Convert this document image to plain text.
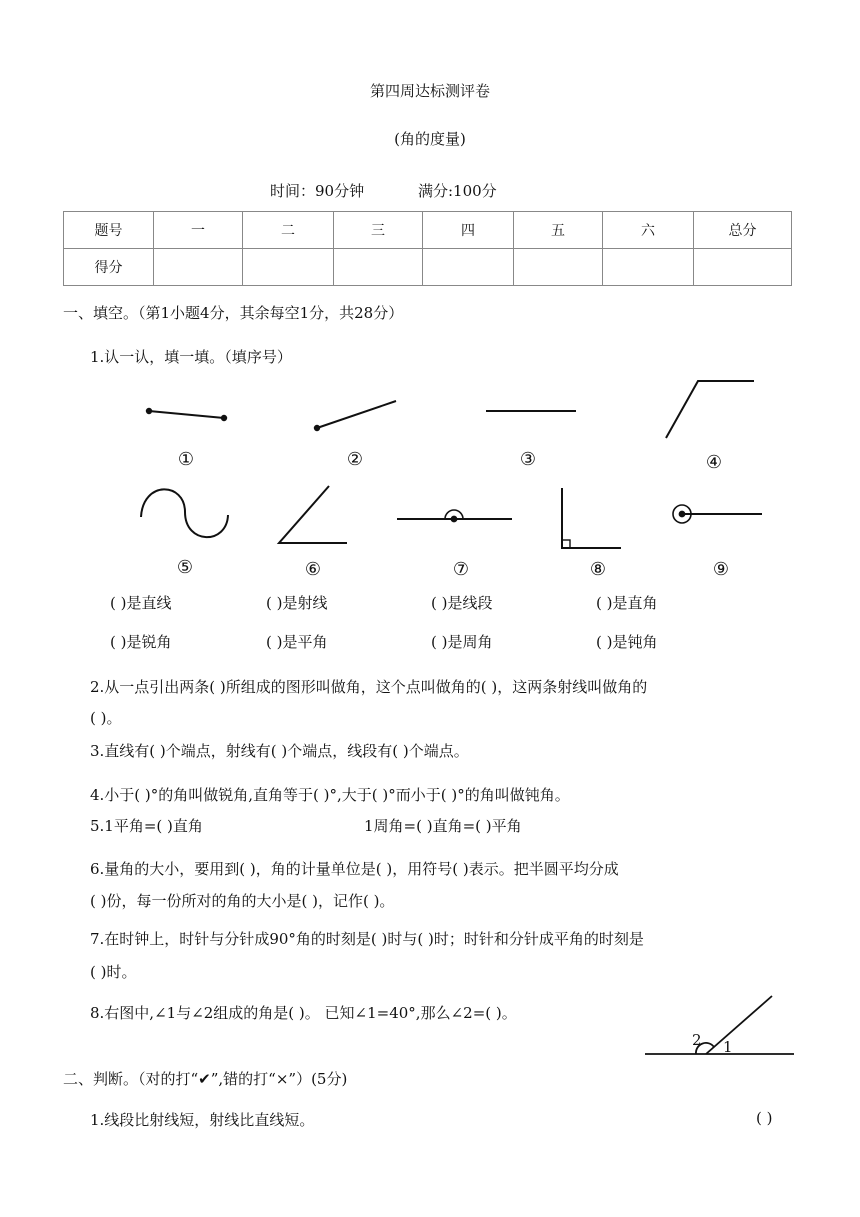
第四周达标测评卷
(角的度量)
时间：90分钟	满分:100分
题号	一	二	三	四	五	六	总分
得分							
一、填空。（第1小题4分，其余每空1分，共28分）
1.认一认，填一填。（填序号）
①	②	③	④
⑤	⑥	⑦	⑧	⑨
( )是直线	( )是射线	( )是线段	( )是直角
( )是锐角	( )是平角	( )是周角	( )是钝角
2.从一点引出两条( )所组成的图形叫做角，这个点叫做角的( )，这两条射线叫做角的
( )。
3.直线有( )个端点，射线有( )个端点，线段有( )个端点。
4.小于( )°的角叫做锐角,直角等于( )°,大于( )°而小于( )°的角叫做钝角。
5.1平角=( )直角	1周角=( )直角=( )平角
6.量角的大小，要用到( )，角的计量单位是( )，用符号( )表示。把半圆平均分成
( )份，每一份所对的角的大小是( )，记作( )。
7.在时钟上，时针与分针成90°角的时刻是( )时与( )时；时针和分针成平角的时刻是
( )时。
8.右图中,∠1与∠2组成的角是( )。 已知∠1=40°,那么∠2=( )。
2 1
二、判断。（对的打“✔”,错的打“×”）(5分)
1.线段比射线短，射线比直线短。	( )
